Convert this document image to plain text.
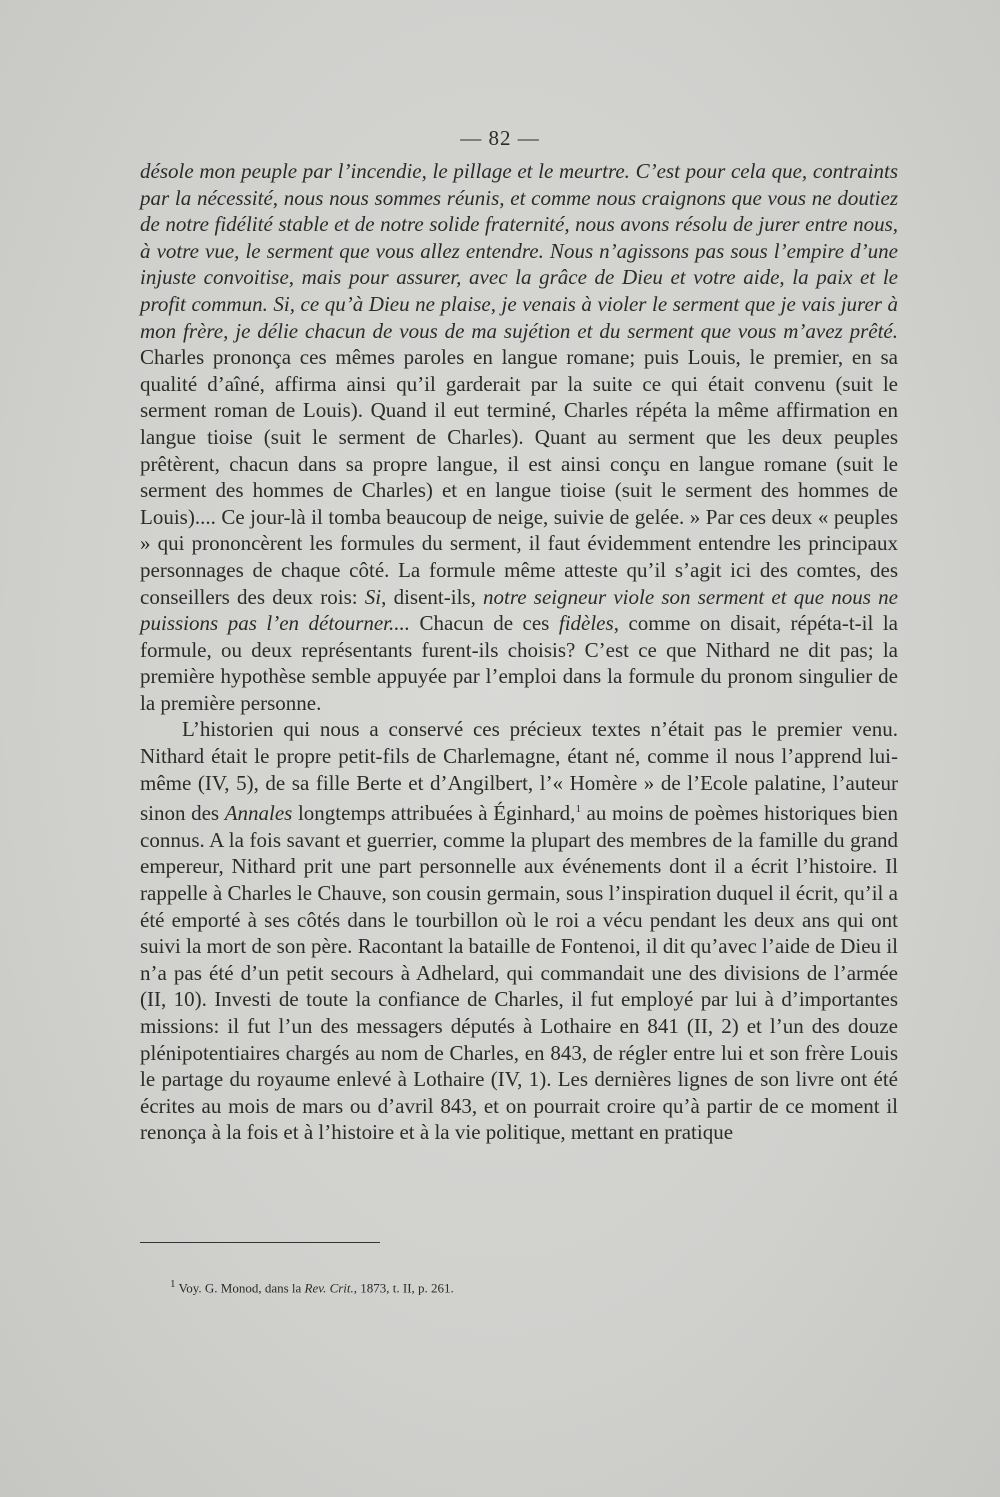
— 82 —

désole mon peuple par l’incendie, le pillage et le meurtre. C’est pour cela que, contraints par la nécessité, nous nous sommes réunis, et comme nous craignons que vous ne doutiez de notre fidélité stable et de notre solide fraternité, nous avons résolu de jurer entre nous, à votre vue, le serment que vous allez entendre. Nous n’agissons pas sous l’empire d’une injuste convoitise, mais pour assurer, avec la grâce de Dieu et votre aide, la paix et le profit commun. Si, ce qu’à Dieu ne plaise, je venais à violer le serment que je vais jurer à mon frère, je délie chacun de vous de ma sujétion et du serment que vous m’avez prêté. Charles prononça ces mêmes paroles en langue romane; puis Louis, le premier, en sa qualité d’aîné, affirma ainsi qu’il garderait par la suite ce qui était convenu (suit le serment roman de Louis). Quand il eut terminé, Charles répéta la même affirmation en langue tioise (suit le serment de Charles). Quant au serment que les deux peuples prêtèrent, chacun dans sa propre langue, il est ainsi conçu en langue romane (suit le serment des hommes de Charles) et en langue tioise (suit le serment des hommes de Louis).... Ce jour-là il tomba beaucoup de neige, suivie de gelée. » Par ces deux « peuples » qui prononcèrent les formules du serment, il faut évidemment entendre les principaux personnages de chaque côté. La formule même atteste qu’il s’agit ici des comtes, des conseillers des deux rois: Si, disent-ils, notre seigneur viole son serment et que nous ne puissions pas l’en détourner.... Chacun de ces fidèles, comme on disait, répéta-t-il la formule, ou deux représentants furent-ils choisis? C’est ce que Nithard ne dit pas; la première hypothèse semble appuyée par l’emploi dans la formule du pronom singulier de la première personne.

L’historien qui nous a conservé ces précieux textes n’était pas le premier venu. Nithard était le propre petit-fils de Charlemagne, étant né, comme il nous l’apprend lui-même (IV, 5), de sa fille Berte et d’Angilbert, l’« Homère » de l’Ecole palatine, l’auteur sinon des Annales longtemps attribuées à Éginhard,$^1$ au moins de poèmes historiques bien connus. A la fois savant et guerrier, comme la plupart des membres de la famille du grand empereur, Nithard prit une part personnelle aux événements dont il a écrit l’histoire. Il rappelle à Charles le Chauve, son cousin germain, sous l’inspiration duquel il écrit, qu’il a été emporté à ses côtés dans le tourbillon où le roi a vécu pendant les deux ans qui ont suivi la mort de son père. Racontant la bataille de Fontenoi, il dit qu’avec l’aide de Dieu il n’a pas été d’un petit secours à Adhelard, qui commandait une des divisions de l’armée (II, 10). Investi de toute la confiance de Charles, il fut employé par lui à d’importantes missions: il fut l’un des messagers députés à Lothaire en 841 (II, 2) et l’un des douze plénipotentiaires chargés au nom de Charles, en 843, de régler entre lui et son frère Louis le partage du royaume enlevé à Lothaire (IV, 1). Les dernières lignes de son livre ont été écrites au mois de mars ou d’avril 843, et on pourrait croire qu’à partir de ce moment il renonça à la fois et à l’histoire et à la vie politique, mettant en pratique

$^1$ Voy. G. Monod, dans la Rev. Crit., 1873, t. II, p. 261.
